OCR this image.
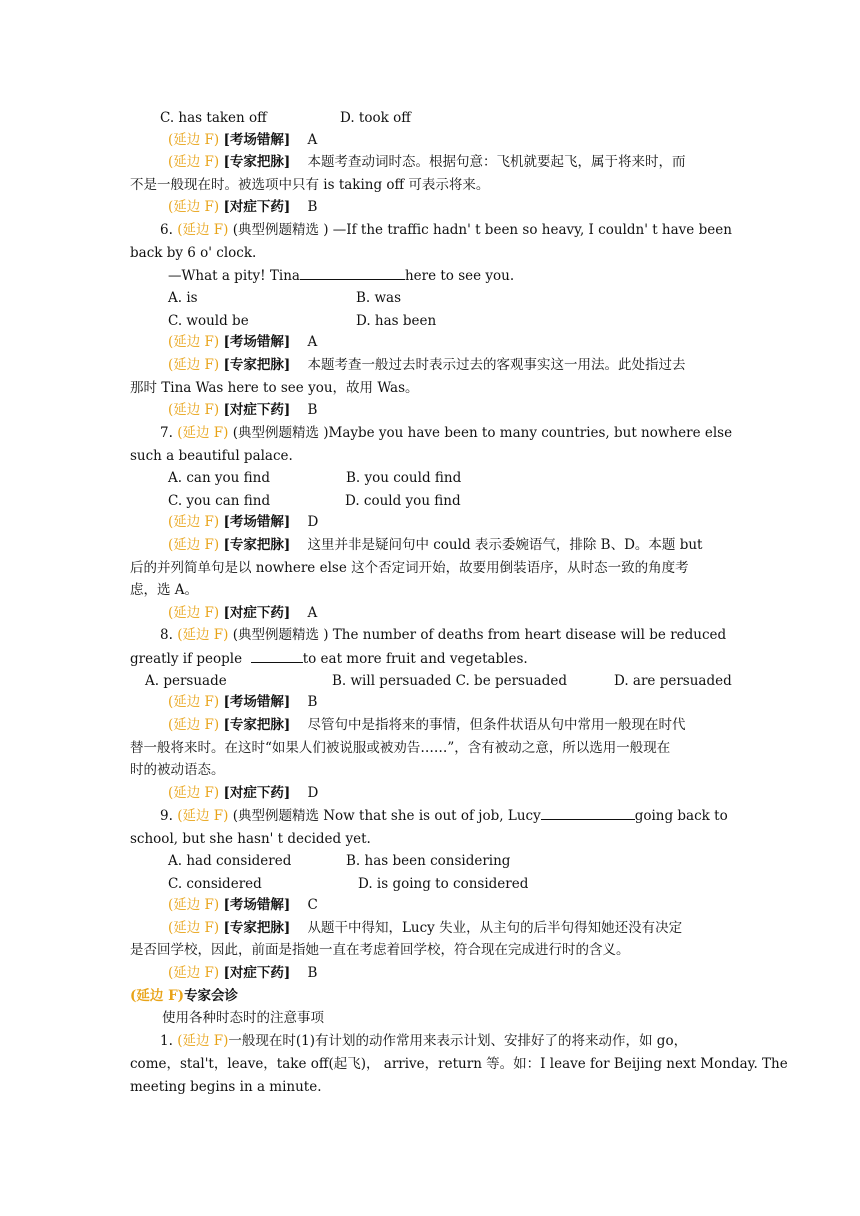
C. has taken off	D. took off
(延边 F) [考场错解] A
(延边 F) [专家把脉] 本题考查动词时态。根据句意：飞机就要起飞，属于将来时，而
不是一般现在时。被选项中只有 is taking off 可表示将来。
(延边 F) [对症下药] B
6. (延边 F) (典型例题精选 ) —If the traffic hadn' t been so heavy, I couldn' t have been
back by 6 o' clock.
—What a pity! Tina	here to see you.
A. is	B. was
C. would be	D. has been
(延边 F) [考场错解] A
(延边 F) [专家把脉] 本题考查一般过去时表示过去的客观事实这一用法。此处指过去
那时 Tina Was here to see you，故用 Was。
(延边 F) [对症下药] B
7. (延边 F) (典型例题精选 )Maybe you have been to many countries, but nowhere else
such a beautiful palace.
A. can you find	B. you could find
C. you can find	D. could you find
(延边 F) [考场错解] D
(延边 F) [专家把脉] 这里并非是疑问句中 could 表示委婉语气，排除 B、D。本题 but
后的并列简单句是以 nowhere else 这个否定词开始，故要用倒装语序，从时态一致的角度考
虑，选 A。
(延边 F) [对症下药] A
8. (延边 F) (典型例题精选 ) The number of deaths from heart disease will be reduced
greatly if people	to eat more fruit and vegetables.
A. persuade	B. will persuaded C. be persuaded	D. are persuaded
(延边 F) [考场错解] B
(延边 F) [专家把脉] 尽管句中是指将来的事情，但条件状语从句中常用一般现在时代
替一般将来时。在这时“如果人们被说服或被劝告……”，含有被动之意，所以选用一般现在
时的被动语态。
(延边 F) [对症下药] D
9. (延边 F) (典型例题精选 Now that she is out of job, Lucy	going back to
school, but she hasn' t decided yet.
A. had considered	B. has been considering
C. considered	D. is going to considered
(延边 F) [考场错解] C
(延边 F) [专家把脉] 从题干中得知，Lucy 失业，从主句的后半句得知她还没有决定
是否回学校，因此，前面是指她一直在考虑着回学校，符合现在完成进行时的含义。
(延边 F) [对症下药] B
(延边 F)专家会诊
使用各种时态时的注意事项
1. (延边 F)一般现在时(1)有计划的动作常用来表示计划、安排好了的将来动作，如 go，
come，stal't，leave，take off(起飞)， arrive，return 等。如：I leave for Beijing next Monday. The
meeting begins in a minute.
